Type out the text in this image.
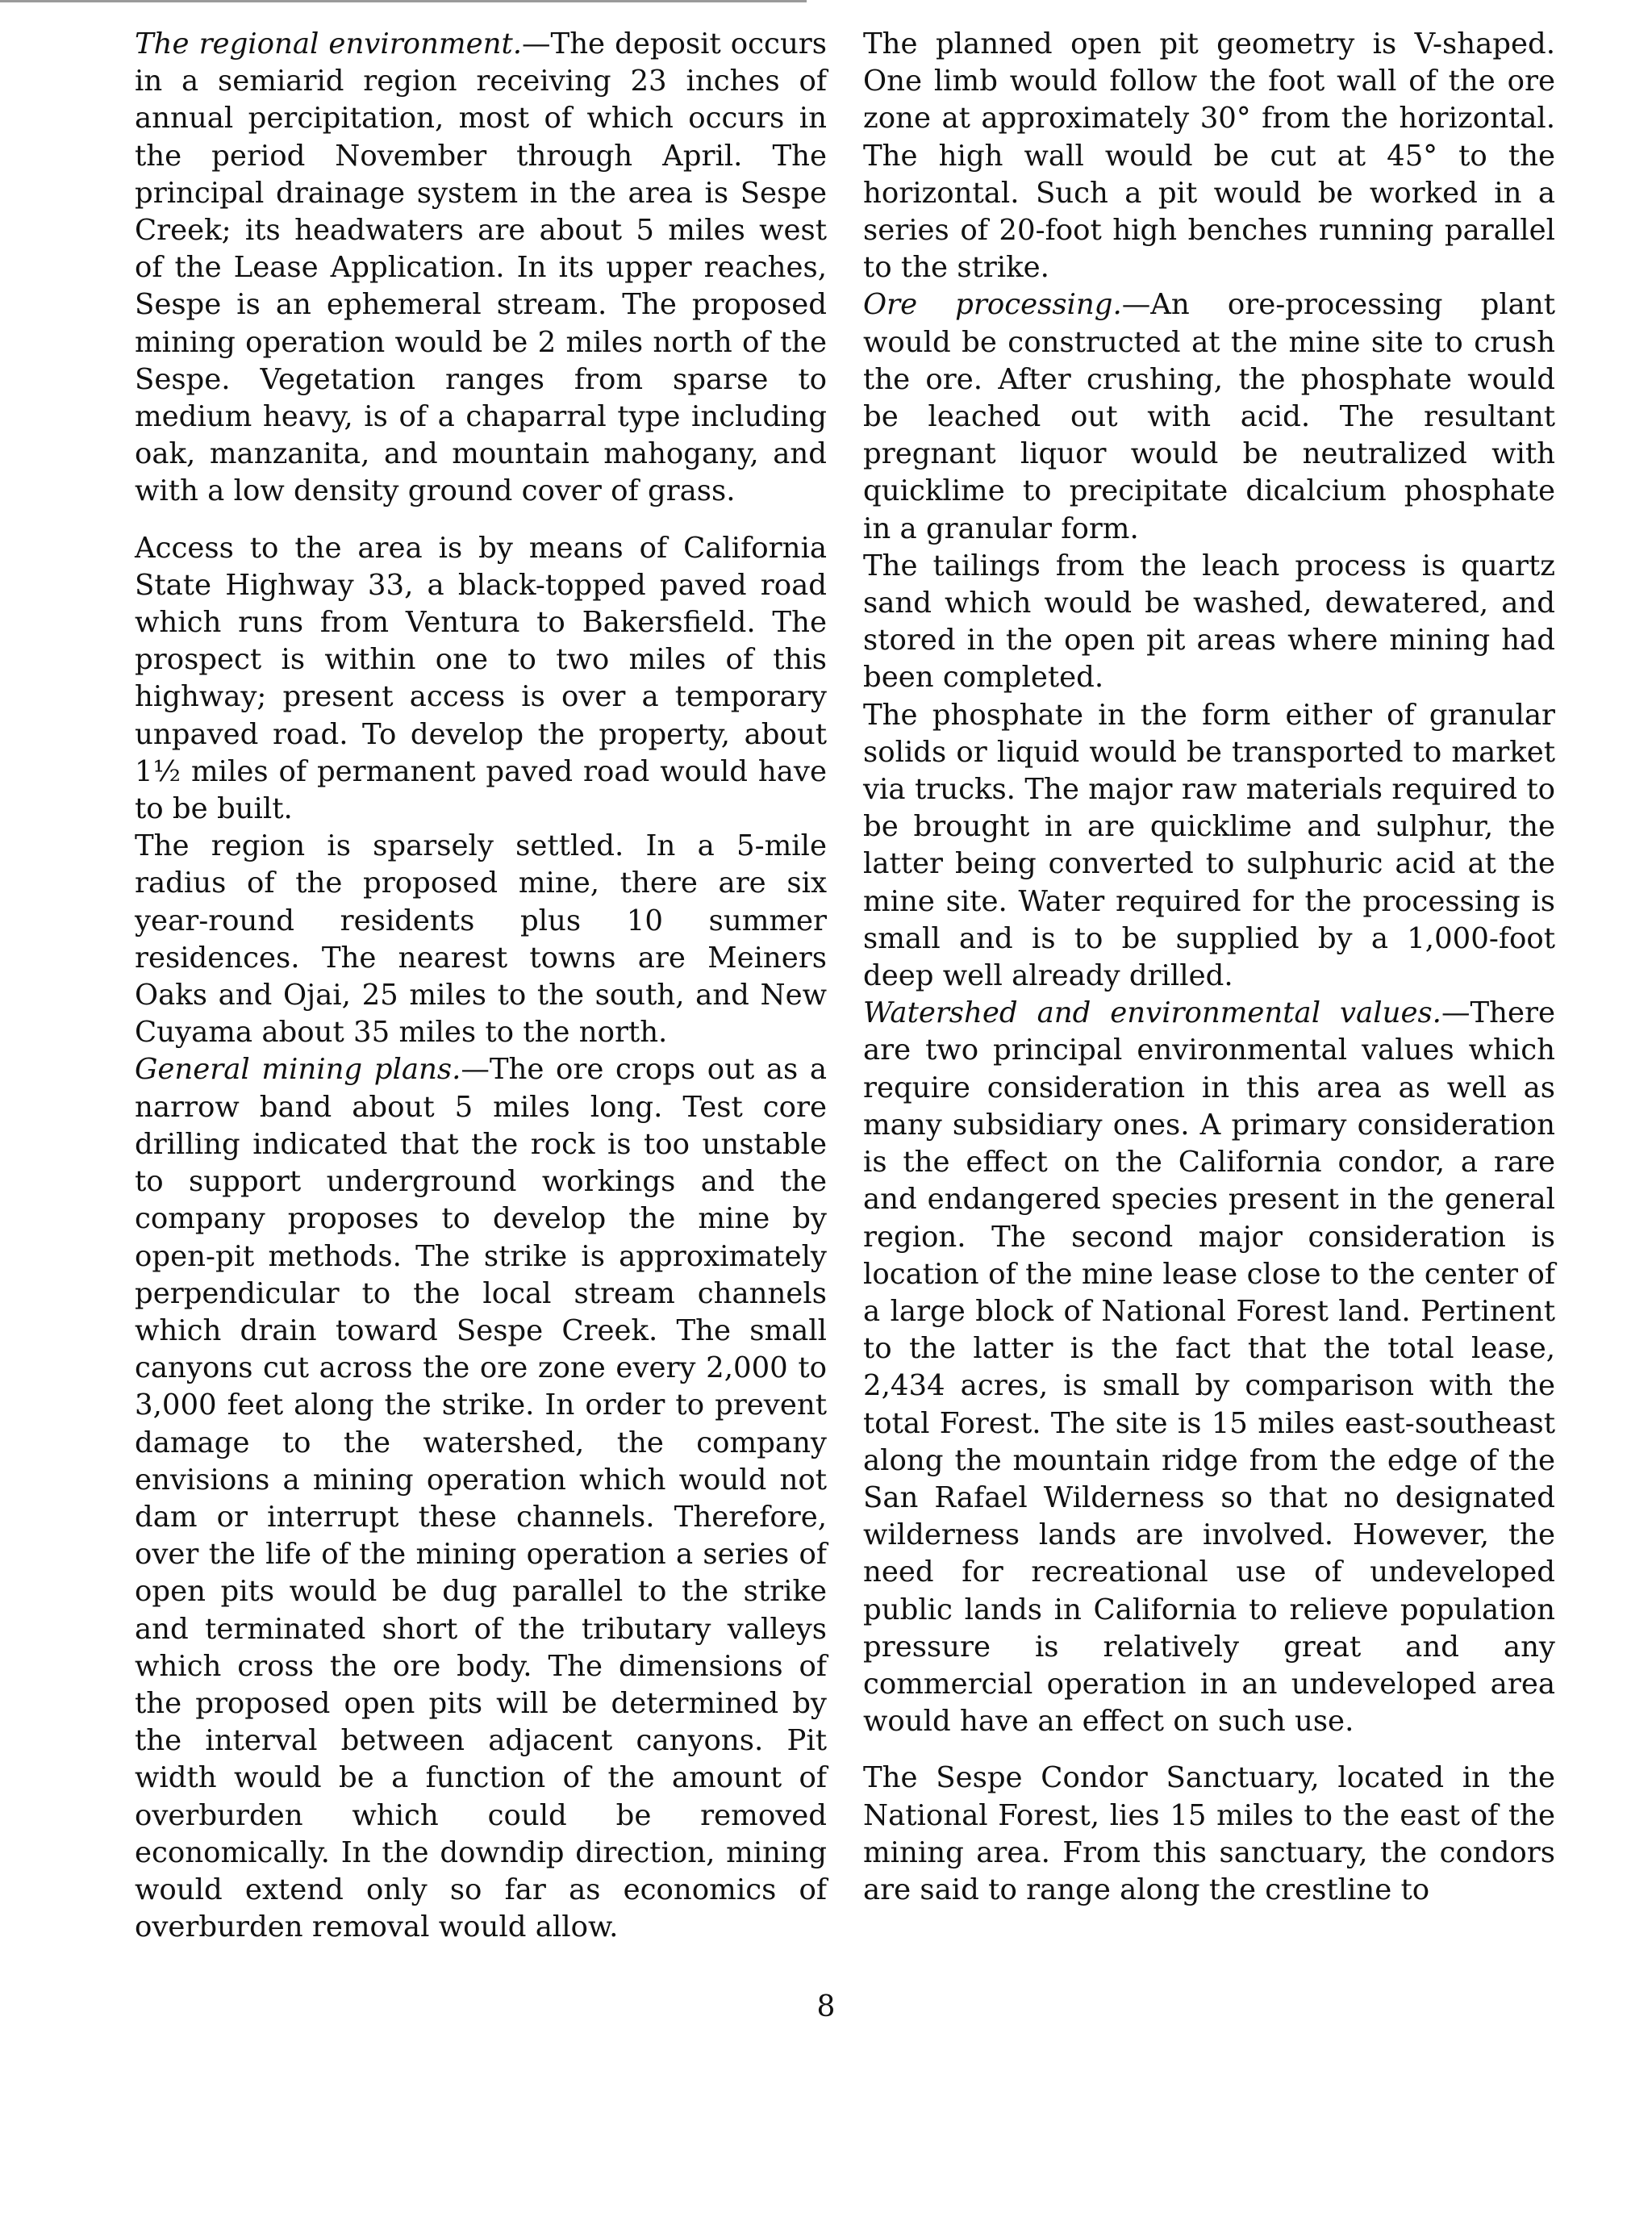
The regional environment.—The deposit occurs in a semiarid region receiving 23 inches of annual percipitation, most of which occurs in the period November through April. The principal drainage system in the area is Sespe Creek; its headwaters are about 5 miles west of the Lease Application. In its upper reaches, Sespe is an ephemeral stream. The proposed mining operation would be 2 miles north of the Sespe. Vegetation ranges from sparse to medium heavy, is of a chaparral type including oak, manzanita, and mountain mahogany, and with a low density ground cover of grass.

Access to the area is by means of California State Highway 33, a black-topped paved road which runs from Ventura to Bakersfield. The prospect is within one to two miles of this highway; present access is over a temporary unpaved road. To develop the property, about 1½ miles of permanent paved road would have to be built.

The region is sparsely settled. In a 5-mile radius of the proposed mine, there are six year-round residents plus 10 summer residences. The nearest towns are Meiners Oaks and Ojai, 25 miles to the south, and New Cuyama about 35 miles to the north.

General mining plans.—The ore crops out as a narrow band about 5 miles long. Test core drilling indicated that the rock is too unstable to support underground workings and the company proposes to develop the mine by open-pit methods. The strike is approximately perpendicular to the local stream channels which drain toward Sespe Creek. The small canyons cut across the ore zone every 2,000 to 3,000 feet along the strike. In order to prevent damage to the watershed, the company envisions a mining operation which would not dam or interrupt these channels. Therefore, over the life of the mining operation a series of open pits would be dug parallel to the strike and terminated short of the tributary valleys which cross the ore body. The dimensions of the proposed open pits will be determined by the interval between adjacent canyons. Pit width would be a function of the amount of overburden which could be removed economically. In the downdip direction, mining would extend only so far as economics of overburden removal would allow.

The planned open pit geometry is V-shaped. One limb would follow the foot wall of the ore zone at approximately 30° from the horizontal. The high wall would be cut at 45° to the horizontal. Such a pit would be worked in a series of 20-foot high benches running parallel to the strike.

Ore processing.—An ore-processing plant would be constructed at the mine site to crush the ore. After crushing, the phosphate would be leached out with acid. The resultant pregnant liquor would be neutralized with quicklime to precipitate dicalcium phosphate in a granular form.

The tailings from the leach process is quartz sand which would be washed, dewatered, and stored in the open pit areas where mining had been completed.

The phosphate in the form either of granular solids or liquid would be transported to market via trucks. The major raw materials required to be brought in are quicklime and sulphur, the latter being converted to sulphuric acid at the mine site. Water required for the processing is small and is to be supplied by a 1,000-foot deep well already drilled.

Watershed and environmental values.—There are two principal environmental values which require consideration in this area as well as many subsidiary ones. A primary consideration is the effect on the California condor, a rare and endangered species present in the general region. The second major consideration is location of the mine lease close to the center of a large block of National Forest land. Pertinent to the latter is the fact that the total lease, 2,434 acres, is small by comparison with the total Forest. The site is 15 miles east-southeast along the mountain ridge from the edge of the San Rafael Wilderness so that no designated wilderness lands are involved. However, the need for recreational use of undeveloped public lands in California to relieve population pressure is relatively great and any commercial operation in an undeveloped area would have an effect on such use.

The Sespe Condor Sanctuary, located in the National Forest, lies 15 miles to the east of the mining area. From this sanctuary, the condors are said to range along the crestline to

8
